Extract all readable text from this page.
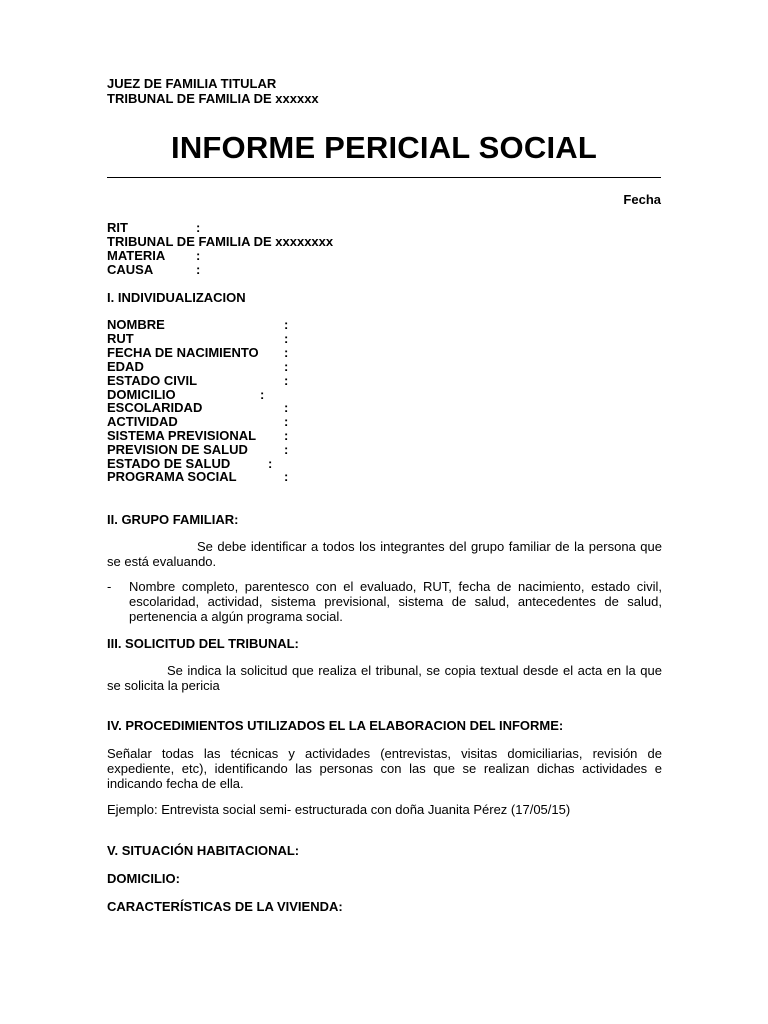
JUEZ DE FAMILIA TITULAR
TRIBUNAL DE FAMILIA DE xxxxxx
INFORME PERICIAL SOCIAL
Fecha
RIT	:
TRIBUNAL DE FAMILIA DE xxxxxxxx
MATERIA :
CAUSA	:
I. INDIVIDUALIZACION
NOMBRE	:
RUT	:
FECHA DE NACIMIENTO :
EDAD	:
ESTADO CIVIL	:
DOMICILIO	:
ESCOLARIDAD	:
ACTIVIDAD	:
SISTEMA PREVISIONAL :
PREVISION DE SALUD	:
ESTADO DE SALUD	:
PROGRAMA SOCIAL	:
II. GRUPO FAMILIAR:
Se debe identificar a todos los integrantes del grupo familiar de la persona que se está evaluando.
- Nombre completo, parentesco con el evaluado, RUT, fecha de nacimiento, estado civil, escolaridad, actividad, sistema previsional, sistema de salud, antecedentes de salud, pertenencia a algún programa social.
III. SOLICITUD DEL TRIBUNAL:
Se indica la solicitud que realiza el tribunal, se copia textual desde el acta en la que se solicita la pericia
IV. PROCEDIMIENTOS UTILIZADOS EL LA ELABORACION DEL INFORME:
Señalar todas las técnicas y actividades (entrevistas, visitas domiciliarias, revisión de expediente, etc), identificando las personas con las que se realizan dichas actividades e indicando fecha de ella.
Ejemplo: Entrevista social semi- estructurada con doña Juanita Pérez (17/05/15)
V. SITUACIÓN HABITACIONAL:
DOMICILIO:
CARACTERÍSTICAS DE LA VIVIENDA:
